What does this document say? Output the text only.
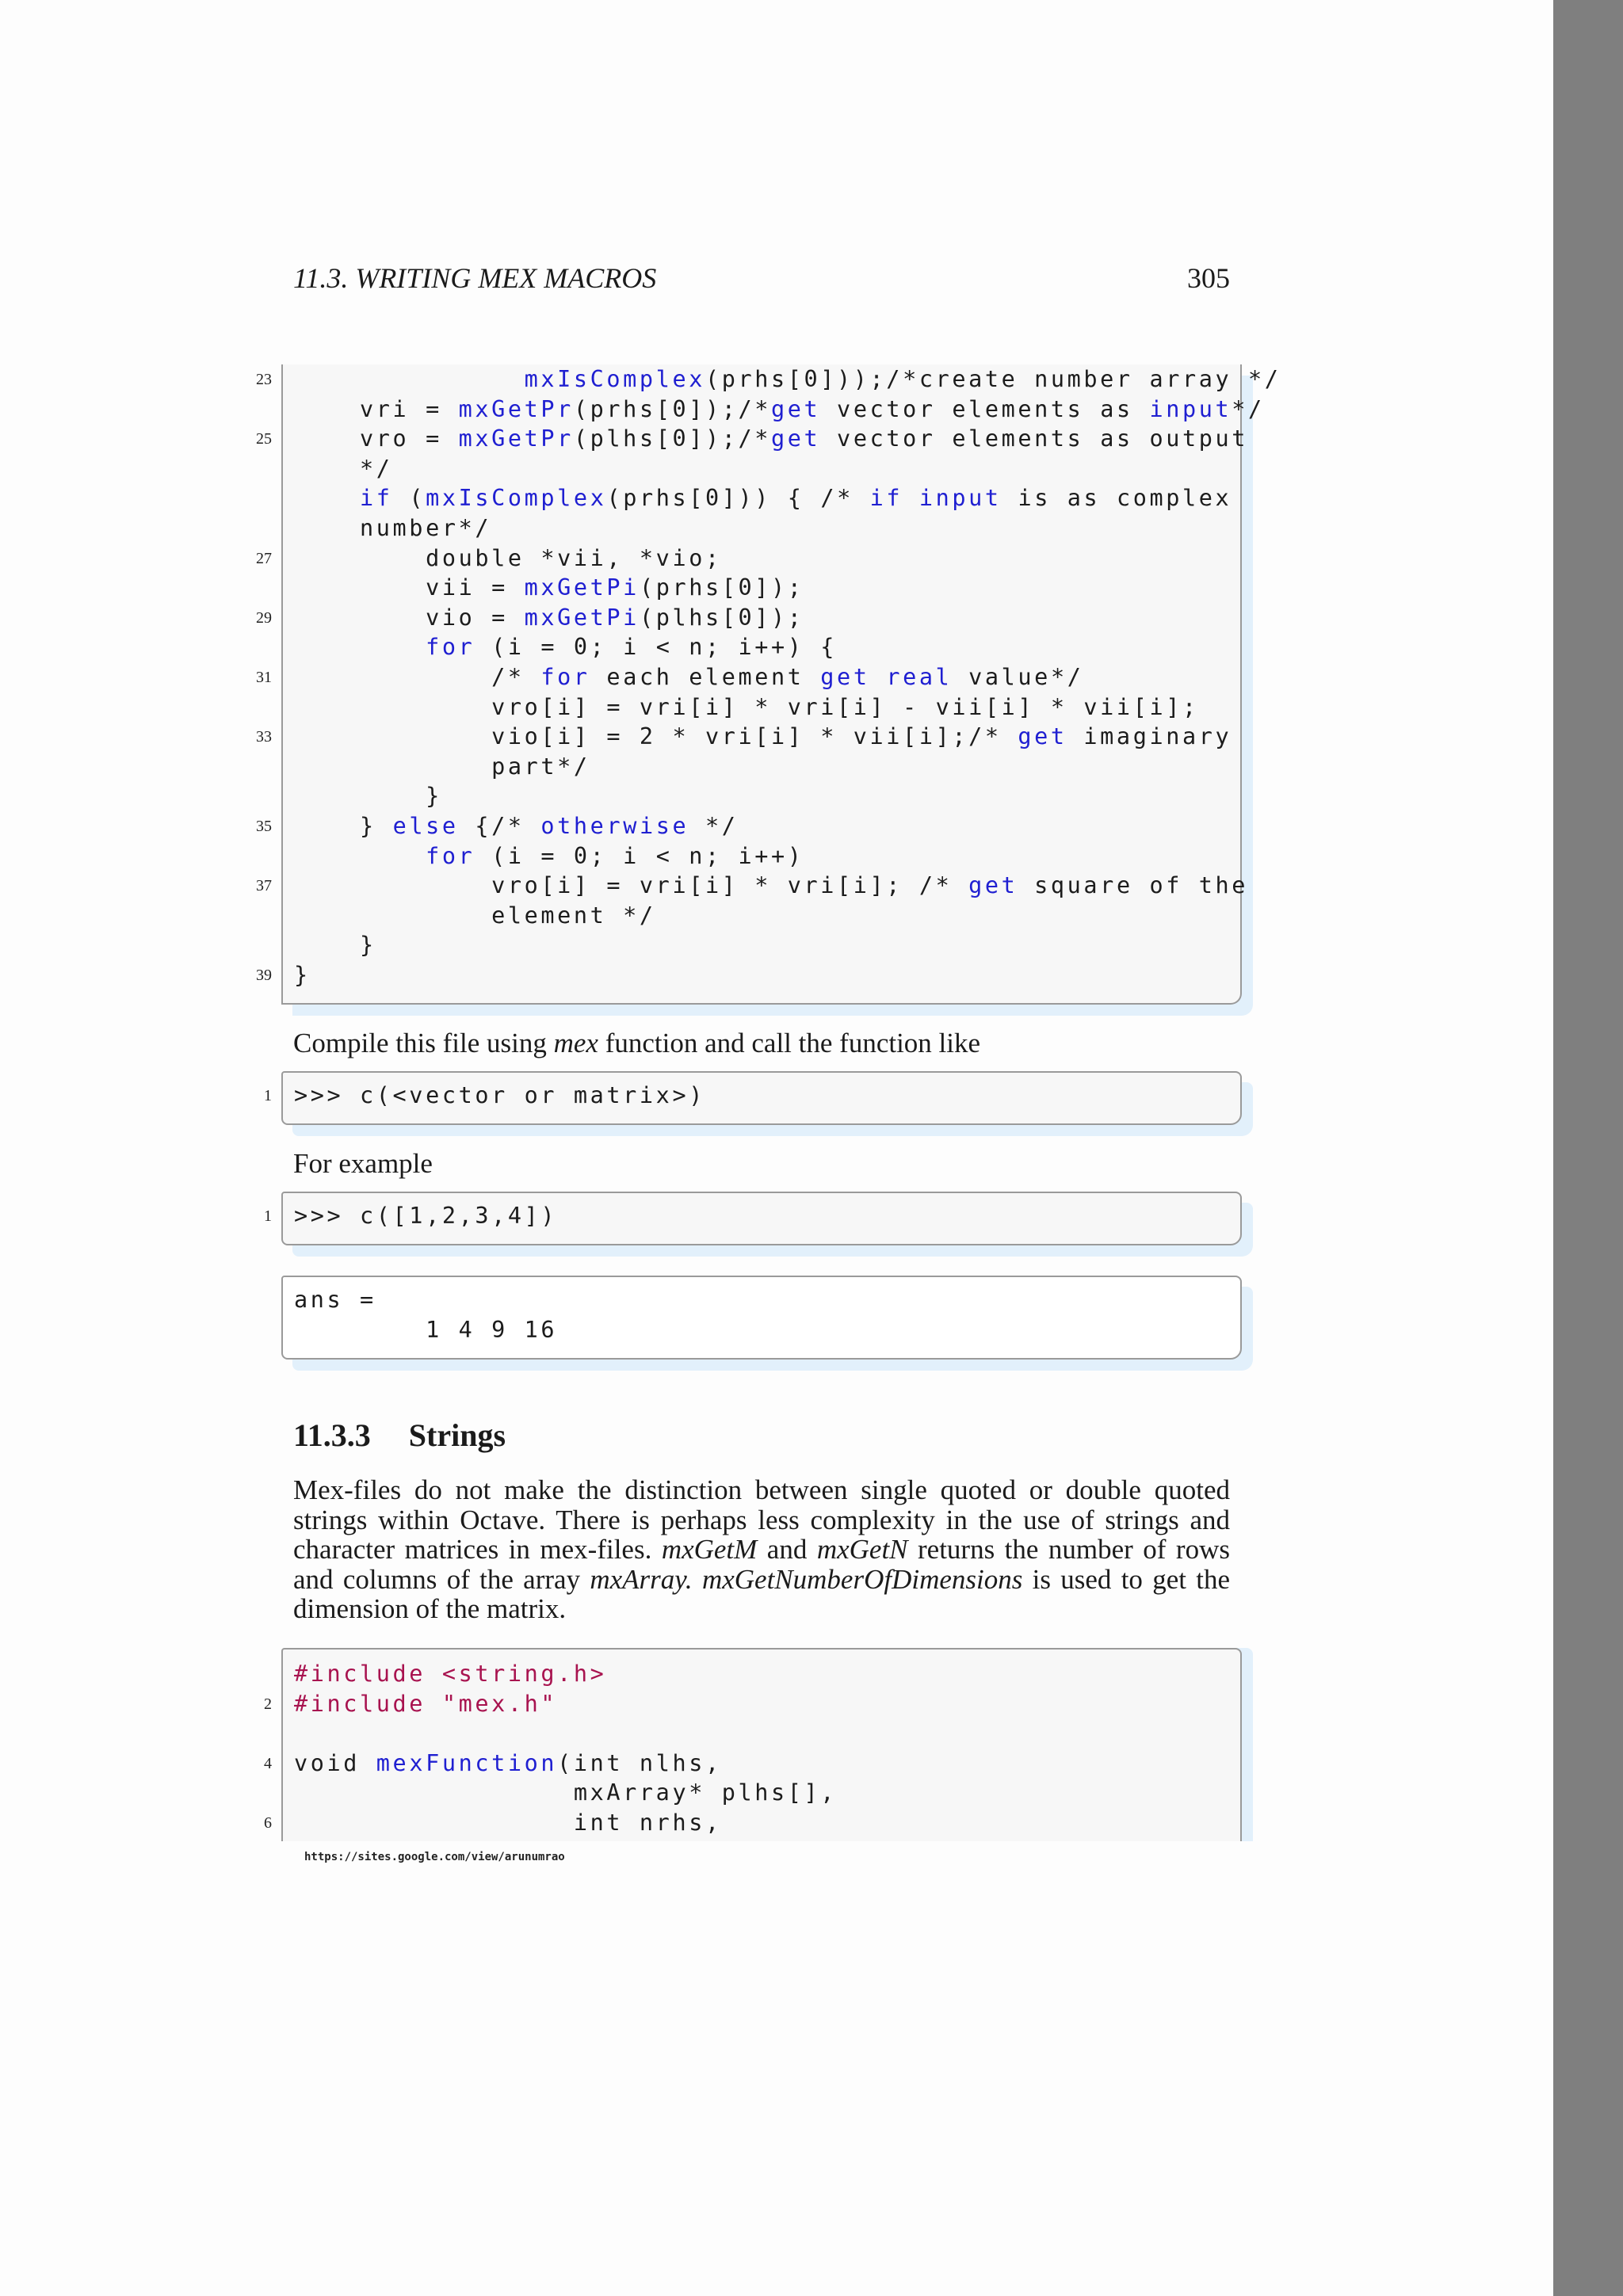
11.3. WRITING MEX MACROS	305
23	mxIsComplex(prhs[0]));/*create number array */
vri = mxGetPr(prhs[0]);/*get vector elements as input*/
25 vro = mxGetPr(plhs[0]);/*get vector elements as output
*/
if (mxIsComplex(prhs[0])) { /* if input is as complex
number*/
27 double *vii, *vio;
vii = mxGetPi(prhs[0]);
29 vio = mxGetPi(plhs[0]);
for (i = 0; i < n; i++) {
31 /* for each element get real value*/
vro[i] = vri[i] * vri[i] - vii[i] * vii[i];
33 vio[i] = 2 * vri[i] * vii[i];/* get imaginary
part*/
}
35 } else {/* otherwise */
for (i = 0; i < n; i++)
37 vro[i] = vri[i] * vri[i]; /* get square of the
element */
}
39 }
Compile this file using mex function and call the function like
1 >>> c(<vector or matrix>)
For example
1 >>> c([1,2,3,4])
ans =
1 4 9 16
11.3.3 Strings
Mex-files do not make the distinction between single quoted or double quoted strings within Octave. There is perhaps less complexity in the use of strings and character matrices in mex-files. mxGetM and mxGetN returns the number of rows and columns of the array mxArray. mxGetNumberOfDimensions is used to get the dimension of the matrix.
#include <string.h>
2 #include "mex.h"
4 void mexFunction(int nlhs,
mxArray* plhs[],
6 int nrhs,
https://sites.google.com/view/arunumrao
